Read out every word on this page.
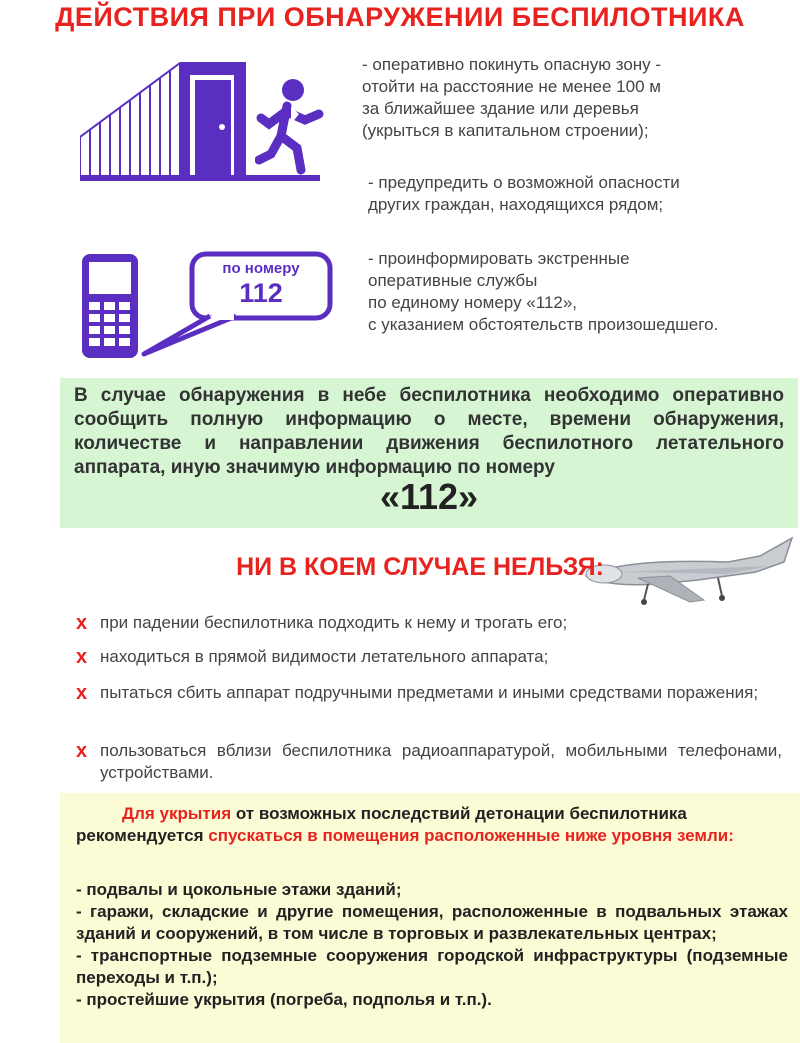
ДЕЙСТВИЯ ПРИ ОБНАРУЖЕНИИ БЕСПИЛОТНИКА
- оперативно покинуть опасную зону -
отойти на расстояние не менее 100 м
за ближайшее здание или деревья
(укрыться в капитальном строении);
- предупредить о возможной опасности
других граждан, находящихся рядом;
по номеру
112
- проинформировать экстренные
оперативные службы
по единому номеру «112»,
с указанием обстоятельств произошедшего.
В случае обнаружения в небе беспилотника необходимо оперативно сообщить полную информацию о месте, времени обнаружения, количестве и направлении движения беспилотного летательного аппарата, иную значимую информацию по номеру
«112»
НИ В КОЕМ СЛУЧАЕ НЕЛЬЗЯ:
x при падении беспилотника подходить к нему и трогать его;
x находиться в прямой видимости летательного аппарата;
x пытаться сбить аппарат подручными предметами и иными средствами поражения;
x пользоваться вблизи беспилотника радиоаппаратурой, мобильными телефонами, устройствами.
Для укрытия от возможных последствий детонации беспилотника рекомендуется спускаться в помещения расположенные ниже уровня земли:
- подвалы и цокольные этажи зданий;
- гаражи, складские и другие помещения, расположенные в подвальных этажах зданий и сооружений, в том числе в торговых и развлекательных центрах;
- транспортные подземные сооружения городской инфраструктуры (подземные переходы и т.п.);
- простейшие укрытия (погреба, подполья и т.п.).
